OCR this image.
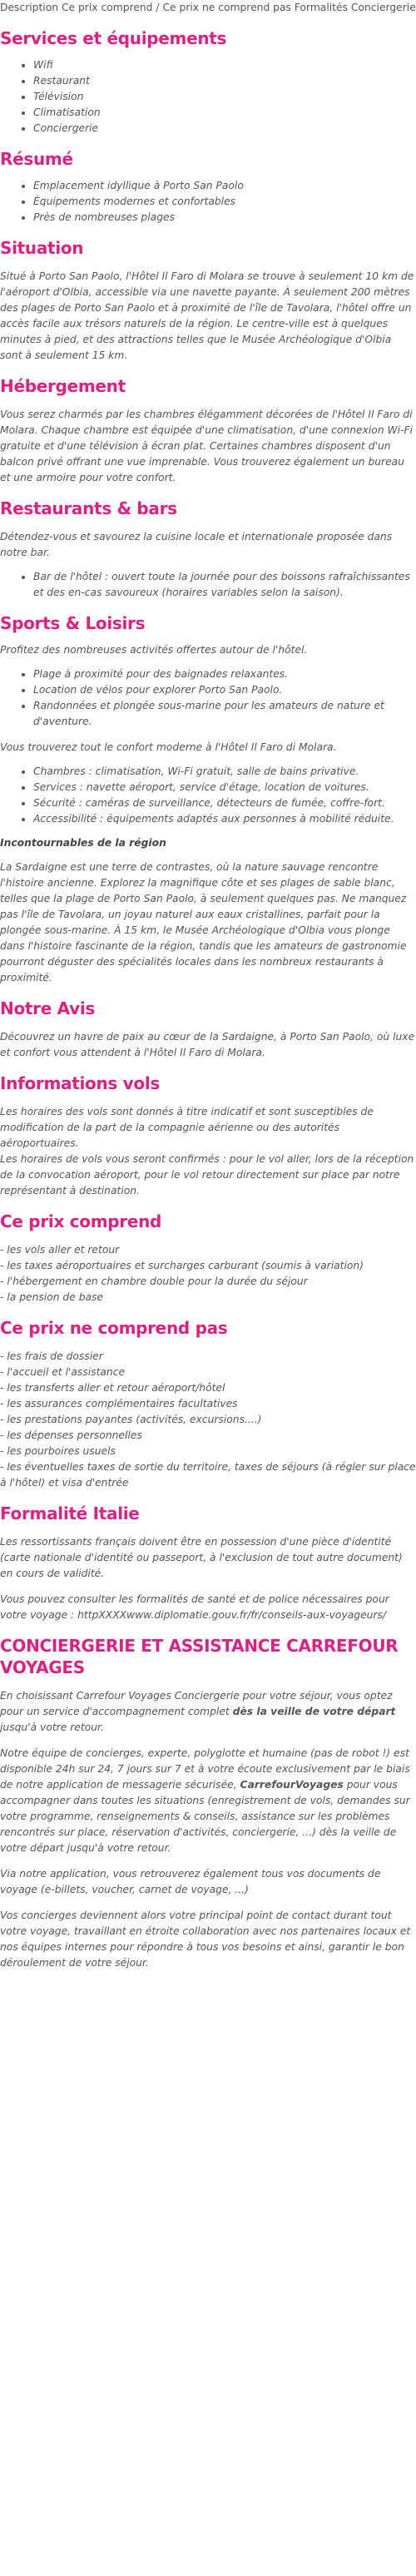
Description Ce prix comprend / Ce prix ne comprend pas Formalités Conciergerie

Services et équipements
• Wifi
• Restaurant
• Télévision
• Climatisation
• Conciergerie
Résumé
• Emplacement idyllique à Porto San Paolo
• Équipements modernes et confortables
• Près de nombreuses plages
Situation

Situé à Porto San Paolo, l'Hôtel Il Faro di Molara se trouve à seulement 10 km de l'aéroport d'Olbia, accessible via une navette payante. À seulement 200 mètres des plages de Porto San Paolo et à proximité de l'île de Tavolara, l'hôtel offre un accès facile aux trésors naturels de la région. Le centre-ville est à quelques minutes à pied, et des attractions telles que le Musée Archéologique d'Olbia sont à seulement 15 km.

Hébergement

Vous serez charmés par les chambres élégamment décorées de l'Hôtel Il Faro di Molara. Chaque chambre est équipée d'une climatisation, d'une connexion Wi-Fi gratuite et d'une télévision à écran plat. Certaines chambres disposent d'un balcon privé offrant une vue imprenable. Vous trouverez également un bureau et une armoire pour votre confort.

Restaurants & bars

Détendez-vous et savourez la cuisine locale et internationale proposée dans notre bar.

• Bar de l'hôtel : ouvert toute la journée pour des boissons rafraîchissantes et des en-cas savoureux (horaires variables selon la saison).
Sports & Loisirs

Profitez des nombreuses activités offertes autour de l'hôtel.

• Plage à proximité pour des baignades relaxantes.
• Location de vélos pour explorer Porto San Paolo.
• Randonnées et plongée sous-marine pour les amateurs de nature et d'aventure.

Vous trouverez tout le confort moderne à l'Hôtel Il Faro di Molara.

• Chambres : climatisation, Wi-Fi gratuit, salle de bains privative.
• Services : navette aéroport, service d'étage, location de voitures.
• Sécurité : caméras de surveillance, détecteurs de fumée, coffre-fort.
• Accessibilité : équipements adaptés aux personnes à mobilité réduite.

Incontournables de la région

La Sardaigne est une terre de contrastes, où la nature sauvage rencontre l'histoire ancienne. Explorez la magnifique côte et ses plages de sable blanc, telles que la plage de Porto San Paolo, à seulement quelques pas. Ne manquez pas l'île de Tavolara, un joyau naturel aux eaux cristallines, parfait pour la plongée sous-marine. À 15 km, le Musée Archéologique d'Olbia vous plonge dans l'histoire fascinante de la région, tandis que les amateurs de gastronomie pourront déguster des spécialités locales dans les nombreux restaurants à proximité.

Notre Avis

Découvrez un havre de paix au cœur de la Sardaigne, à Porto San Paolo, où luxe et confort vous attendent à l'Hôtel Il Faro di Molara.

Informations vols

Les horaires des vols sont donnés à titre indicatif et sont susceptibles de modification de la part de la compagnie aérienne ou des autorités aéroportuaires.

Les horaires de vols vous seront confirmés : pour le vol aller, lors de la réception de la convocation aéroport, pour le vol retour directement sur place par notre représentant à destination.

Ce prix comprend

- les vols aller et retour

- les taxes aéroportuaires et surcharges carburant (soumis à variation)

- l'hébergement en chambre double pour la durée du séjour

- la pension de base

Ce prix ne comprend pas

- les frais de dossier

- l'accueil et l'assistance

- les transferts aller et retour aéroport/hôtel

- les assurances complémentaires facultatives

- les prestations payantes (activités, excursions....)

- les dépenses personnelles

- les pourboires usuels

- les éventuelles taxes de sortie du territoire, taxes de séjours (à régler sur place à l'hôtel) et visa d'entrée

Formalité Italie

Les ressortissants français doivent être en possession d'une pièce d'identité (carte nationale d'identité ou passeport, à l'exclusion de tout autre document) en cours de validité.

Vous pouvez consulter les formalités de santé et de police nécessaires pour votre voyage : httpXXXXwww.diplomatie.gouv.fr/fr/conseils-aux-voyageurs/

CONCIERGERIE ET ASSISTANCE CARREFOUR VOYAGES

En choisissant Carrefour Voyages Conciergerie pour votre séjour, vous optez pour un service d'accompagnement complet dès la veille de votre départ jusqu'à votre retour.

Notre équipe de concierges, experte, polyglotte et humaine (pas de robot !) est disponible 24h sur 24, 7 jours sur 7 et à votre écoute exclusivement par le biais de notre application de messagerie sécurisée, CarrefourVoyages pour vous accompagner dans toutes les situations (enregistrement de vols, demandes sur votre programme, renseignements & conseils, assistance sur les problèmes rencontrés sur place, réservation d'activités, conciergerie, ...) dès la veille de votre départ jusqu'à votre retour.

Via notre application, vous retrouverez également tous vos documents de voyage (e-billets, voucher, carnet de voyage, ...)

Vos concierges deviennent alors votre principal point de contact durant tout votre voyage, travaillant en étroite collaboration avec nos partenaires locaux et nos équipes internes pour répondre à tous vos besoins et ainsi, garantir le bon déroulement de votre séjour.
